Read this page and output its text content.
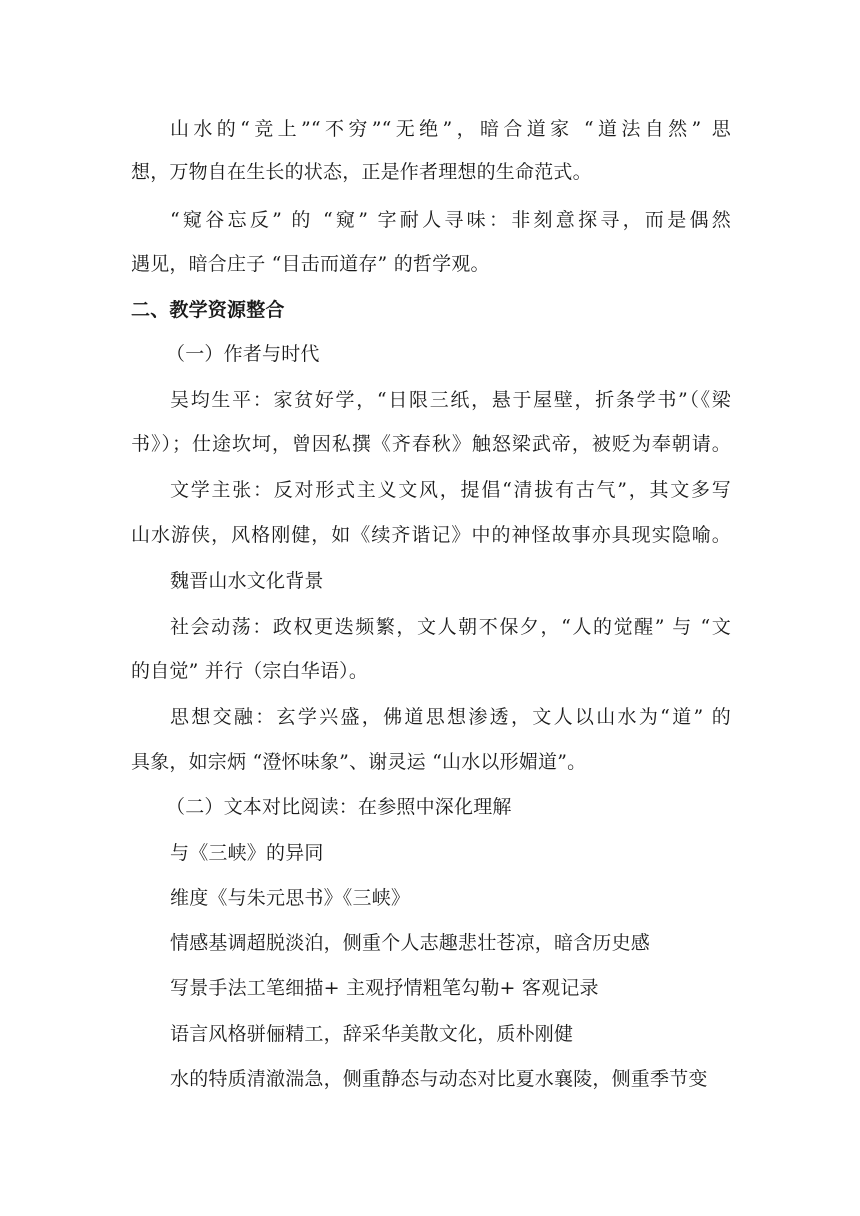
山水的“竞上”“不穷”“无绝”，暗合道家 “道法自然” 思
想，万物自在生长的状态，正是作者理想的生命范式。
“窥谷忘反” 的 “窥” 字耐人寻味：非刻意探寻，而是偶然
遇见，暗合庄子 “目击而道存” 的哲学观。
二、教学资源整合
（一）作者与时代
吴均生平：家贫好学，“日限三纸，悬于屋壁，折条学书”（《梁
书》）；仕途坎坷，曾因私撰《齐春秋》触怒梁武帝，被贬为奉朝请。
文学主张：反对形式主义文风，提倡“清拔有古气”，其文多写
山水游侠，风格刚健，如《续齐谐记》中的神怪故事亦具现实隐喻。
魏晋山水文化背景
社会动荡：政权更迭频繁，文人朝不保夕，“人的觉醒” 与 “文
的自觉” 并行（宗白华语）。
思想交融：玄学兴盛，佛道思想渗透，文人以山水为“道” 的
具象，如宗炳 “澄怀味象”、谢灵运 “山水以形媚道”。
（二）文本对比阅读：在参照中深化理解
与《三峡》的异同
维度《与朱元思书》《三峡》
情感基调超脱淡泊，侧重个人志趣悲壮苍凉，暗含历史感
写景手法工笔细描+ 主观抒情粗笔勾勒+ 客观记录
语言风格骈俪精工，辞采华美散文化，质朴刚健
水的特质清澈湍急，侧重静态与动态对比夏水襄陵，侧重季节变
